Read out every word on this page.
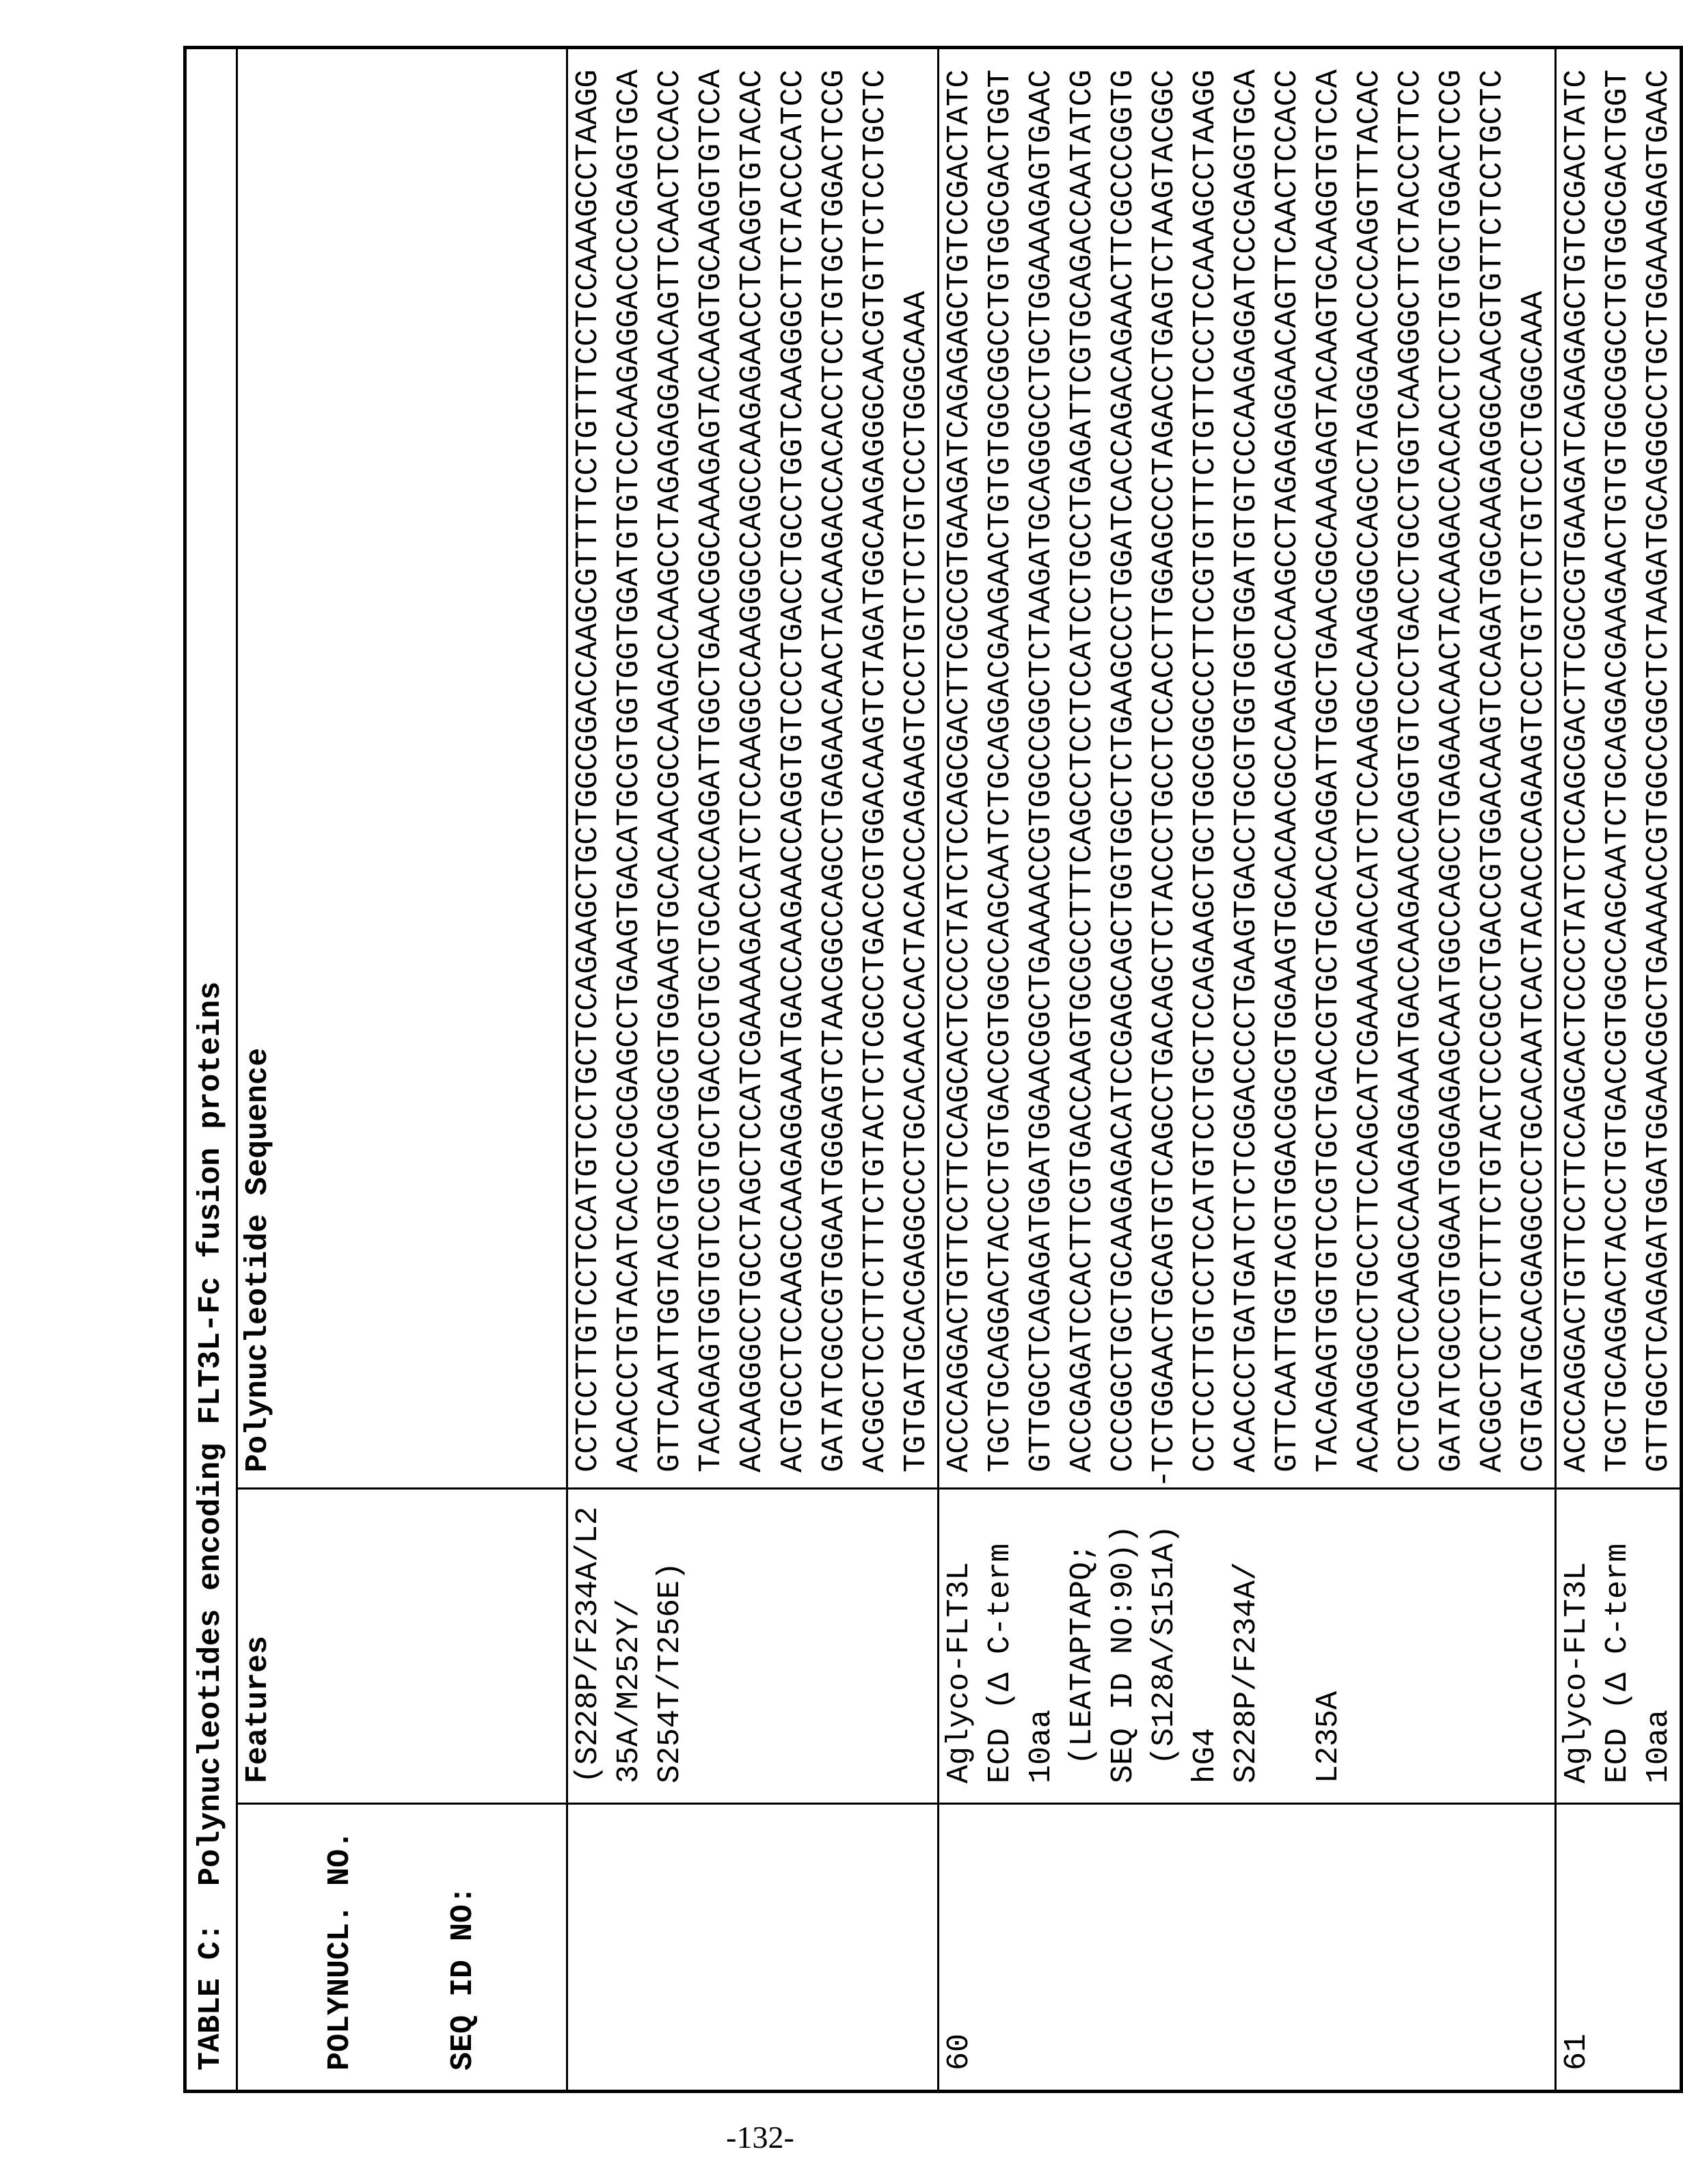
TABLE C:  Polynucleotides encoding FLT3L-Fc fusion proteinsPOLYNUCL. NO.

	SEQ ID NO:

	Features	Polynucleotide Sequence

(S228P/F234A/L2 35A/M252Y/ S254T/T256E)

CCTCCTTGTCCTCCATGTCCTGCTCCAGAAGCTGCTGGCGGACCAAGCGTTTTCCTGTTTCCTCCAAAGCCTAAGG ACACCCTGTACATCACCCGCGAGCCTGAAGTGACATGCGTGGTGGTGGATGTGTCCCAAGAGGACCCCGAGGTGCA GTTCAATTGGTACGTGGACGGCGTGGAAGTGCACAACGCCAAGACCAAGCCTAGAGAGGAACAGTTCAACTCCACC TACAGAGTGGTGTCCGTGCTGACCGTGCTGCACCAGGATTGGCTGAACGGCAAAGAGTACAAGTGCAAGGTGTCCA ACAAGGGCCTGCCTAGCTCCATCGAAAAGACCATCTCCAAGGCCAAGGGCCAGCCAAGAGAACCTCAGGTGTACAC ACTGCCTCCAAGCCAAGAGGAAATGACCAAGAACCAGGTGTCCCTGACCTGCCTGGTCAAGGGCTTCTACCCATCC GATATCGCCGTGGAATGGGAGTCTAACGGCCAGCCTGAGAACAACTACAAGACCACACCTCCTGTGCTGGACTCCG ACGGCTCCTTCTTTCTGTACTCTCGCCTGACCGTGGACAAGTCTAGATGGCAAGAGGGCAACGTGTTCTCCTGCTC TGTGATGCACGAGGCCCTGCACAACCACTACACCCAGAAGTCCCTGTCTCTGTCCCTGGGCAAA

60	
Aglyco-FLT3L ECD (Δ C-term 10aa (LEATAPTAPQ; SEQ ID NO:90)) (S128A/S151A)  - hG4 S228P/F234A/ L235A

ACCCAGGACTGTTCCTTCCAGCACTCCCCTATCTCCAGCGACTTCGCCGTGAAGATCAGAGAGCTGTCCGACTATC TGCTGCAGGACTACCCTGTGACCGTGGCCAGCAATCTGCAGGACGAAGAACTGTGTGGCGGCCTGTGGCGACTGGT GTTGGCTCAGAGATGGATGGAACGGCTGAAAACCGTGGCCGGCTCTAAGATGCAGGGCCTGCTGGAAAGAGTGAAC ACCGAGATCCACTTCGTGACCAAGTGCGCCTTTCAGCCTCCTCCATCCTGCCTGAGATTCGTGCAGACCAATATCG CCCGGCTGCTGCAAGAGACATCCGAGCAGCTGGTGGCTCTGAAGCCCTGGATCACCAGACAGAACTTCGCCCGGTG TCTGGAACTGCAGTGTCAGCCTGACAGCTCTACCCTGCCTCCACCTTGGAGCCCTAGACCTGAGTCTAAGTACGGC CCTCCTTGTCCTCCATGTCCTGCTCCAGAAGCTGCTGGCGGCCCTTCCGTGTTTCTGTTCCCTCCAAAGCCTAAGG ACACCCTGATGATCTCTCGGACCCCTGAAGTGACCTGCGTGGTGGTGGATGTGTCCCAAGAGGATCCCGAGGTGCA GTTCAATTGGTACGTGGACGGCGTGGAAGTGCACAACGCCAAGACCAAGCCTAGAGAGGAACAGTTCAACTCCACC TACAGAGTGGTGTCCGTGCTGACCGTGCTGCACCAGGATTGGCTGAACGGCAAAGAGTACAAGTGCAAGGTGTCCA ACAAGGGCCTGCCTTCCAGCATCGAAAAGACCATCTCCAAGGCCAAGGGCCAGCCTAGGGAACCCCAGGTTTACAC CCTGCCTCCAAGCCAAGAGGAAATGACCAAGAACCAGGTGTCCCTGACCTGCCTGGTCAAGGGCTTCTACCCTTCC GATATCGCCGTGGAATGGGAGAGCAATGGCCAGCCTGAGAACAACTACAAGACCACACCTCCTGTGCTGGACTCCG ACGGCTCCTTCTTTCTGTACTCCCGCCTGACCGTGGACAAGTCCAGATGGCAAGAGGGCAACGTGTTCTCCTGCTC CGTGATGCACGAGGCCCTGCACAATCACTACACCCAGAAGTCCCTGTCTCTGTCCCTGGGCAAA

61	
Aglyco-FLT3L ECD (Δ C-term 10aa

ACCCAGGACTGTTCCTTCCAGCACTCCCCTATCTCCAGCGACTTCGCCGTGAAGATCAGAGAGCTGTCCGACTATC TGCTGCAGGACTACCCTGTGACCGTGGCCAGCAATCTGCAGGACGAAGAACTGTGTGGCGGCCTGTGGCGACTGGT GTTGGCTCAGAGATGGATGGAACGGCTGAAAACCGTGGCCGGCTCTAAGATGCAGGGCCTGCTGGAAAGAGTGAAC
-132-
